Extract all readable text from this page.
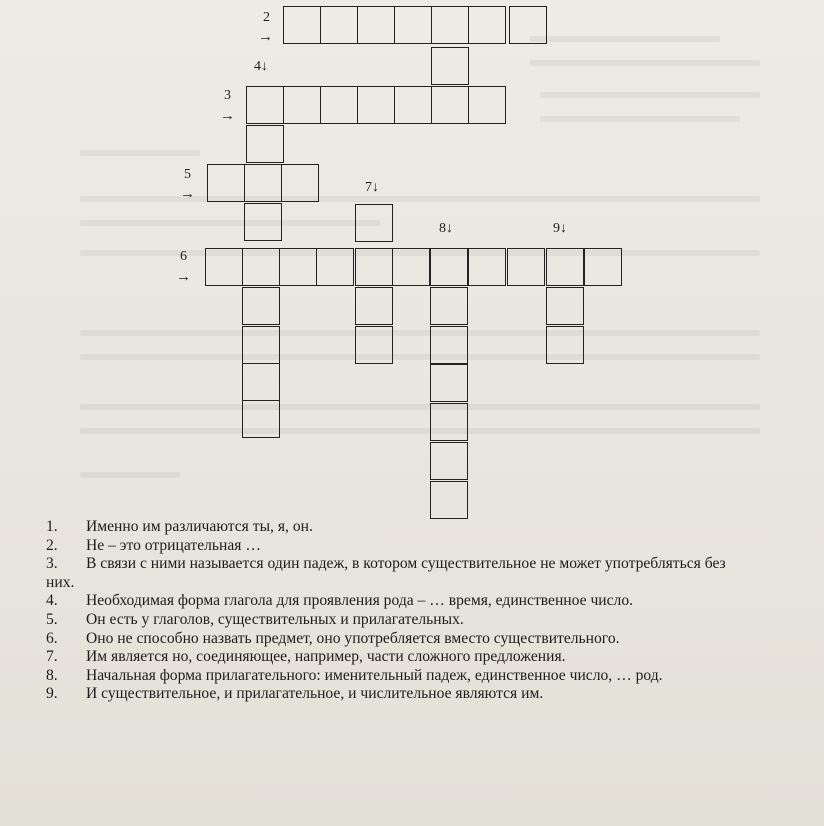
2
→
4↓
3
→
5
→	7↓
8↓	9↓
6
→
1. Именно им различаются ты, я, он.
2. Не – это отрицательная …
3. В связи с ними называется один падеж, в котором существительное не может употребляться без них.
4. Необходимая форма глагола для проявления рода – … время, единственное число.
5. Он есть у глаголов, существительных и прилагательных.
6. Оно не способно назвать предмет, оно употребляется вместо существительного.
7. Им является но, соединяющее, например, части сложного предложения.
8. Начальная форма прилагательного: именительный падеж, единственное число, … род.
9. И существительное, и прилагательное, и числительное являются им.
